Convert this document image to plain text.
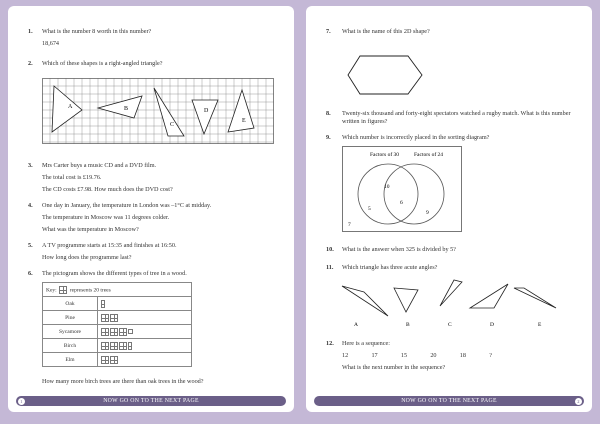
1. What is the number 8 worth in this number?
18,674
2. Which of these shapes is a right-angled triangle?
A	B
C
D
E
3. Mrs Carter buys a music CD and a DVD film.
The total cost is £19.76.
The CD costs £7.98. How much does the DVD cost?
4. One day in January, the temperature in London was –1°C at midday.
The temperature in Moscow was 11 degrees colder.
What was the temperature in Moscow?
5. A TV programme starts at 15:35 and finishes at 16:50.
How long does the programme last?
6. The pictogram shows the different types of tree in a wood.
Key: represents 20 trees	
Oak	
Pine	
Sycamore	
Birch	
Elm	
How many more birch trees are there than oak trees in the wood?
1	NOW GO ON TO THE NEXT PAGE
7. What is the name of this 2D shape?
8. Twenty-six thousand and forty-eight spectators watched a rugby match. What is this number
written in figures?
9. Which number is incorrectly placed in the sorting diagram?
Factors of 30	Factors of 24
10
5
6
9
7
10. What is the answer when 325 is divided by 5?
11. Which triangle has three acute angles?
A	B	C	D	E
12. Here is a sequence:
12	17	15	20	18	?
What is the next number in the sequence?
NOW GO ON TO THE NEXT PAGE	2
